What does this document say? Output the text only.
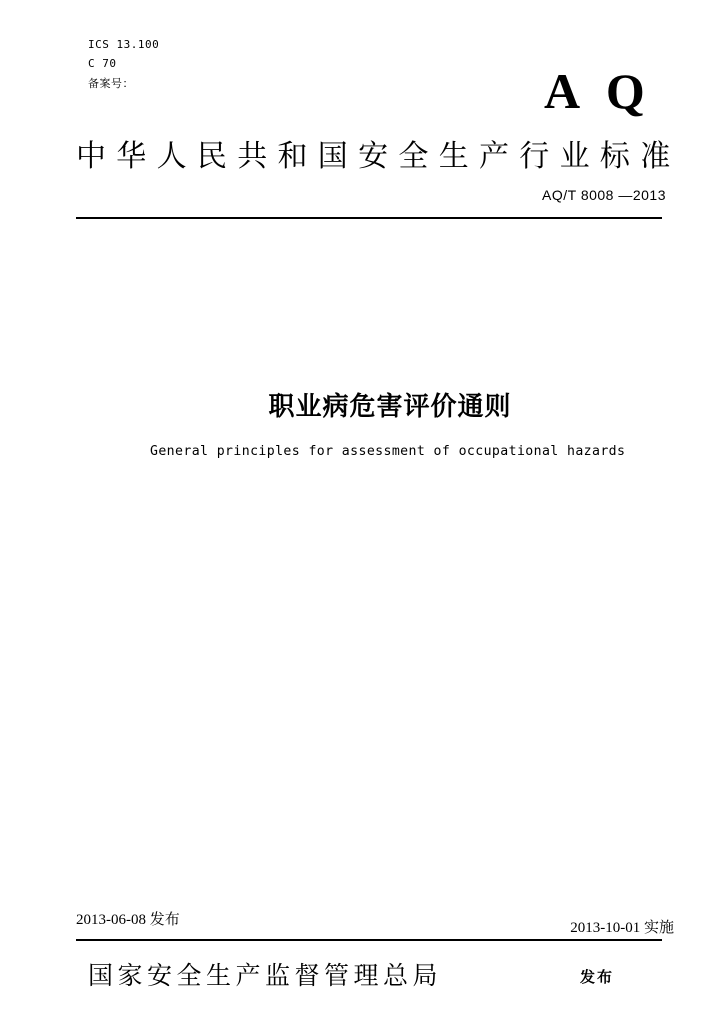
ICS 13.100
C 70
备案号：	A Q
中华人民共和国安全生产行业标准
AQ/T 8008 —2013
职业病危害评价通则
General principles for assessment of occupational hazards
2013-06-08 发布	2013-10-01 实施
国家安全生产监督管理总局	发布
